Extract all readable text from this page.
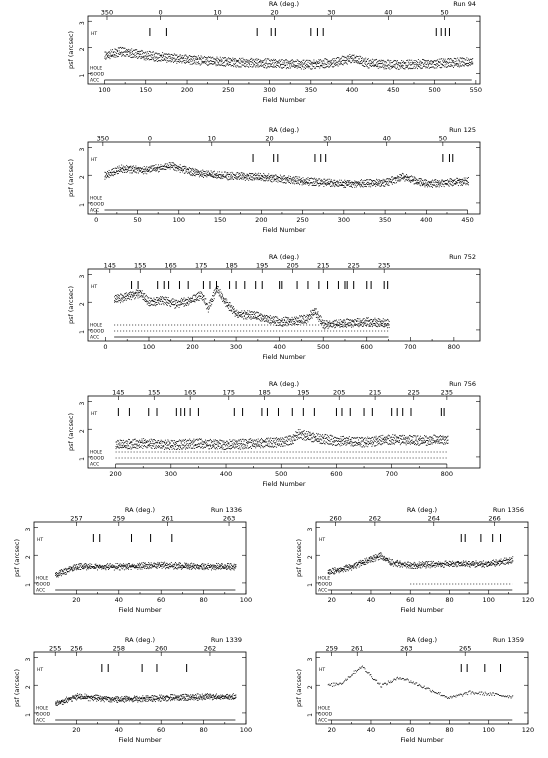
RA (deg.)	Run 94
350	0	10	20	30	40	50
100	150	200	250	300	350	400	450	500	550
1
2
3
Field Number
psf (arcsec)	HT
HOLE
GOOD
ACC
RA (deg.)	Run 125
350	0	10	20	30	40	50
0	50	100	150	200	250	300	350	400	450
1
2
3
Field Number
psf (arcsec)	HT
HOLE
GOOD
ACC
RA (deg.)	Run 752
145	155	165	175	185	195	205	215	225	235
0	100	200	300	400	500	600	700	800
1
2
3
Field Number
psf (arcsec)	HT
HOLE
GOOD
ACC
RA (deg.)	Run 756
145	155	165	175	185	195	205	215	225	235
200	300	400	500	600	700	800
1
2
3
Field Number
psf (arcsec)	HT
HOLE
GOOD
ACC
RA (deg.)	Run 1336
257	259	261	263
20	40	60	80	100
1
2
3
Field Number
psf (arcsec)	HT
HOLE
GOOD
ACC
RA (deg.)	Run 1356
260	262	264	266
20	40	60	80	100	120
1
2
3
Field Number
psf (arcsec)	HT
HOLE
GOOD
ACC
RA (deg.)	Run 1339
255 256	258	260	262
20	40	60	80	100
1
2
3
Field Number
psf (arcsec)	HT
HOLE
GOOD
ACC
RA (deg.)	Run 1359
259 261	263	265
20	40	60	80	100	120
1
2
3
Field Number
psf (arcsec)	HT
HOLE
GOOD
ACC
